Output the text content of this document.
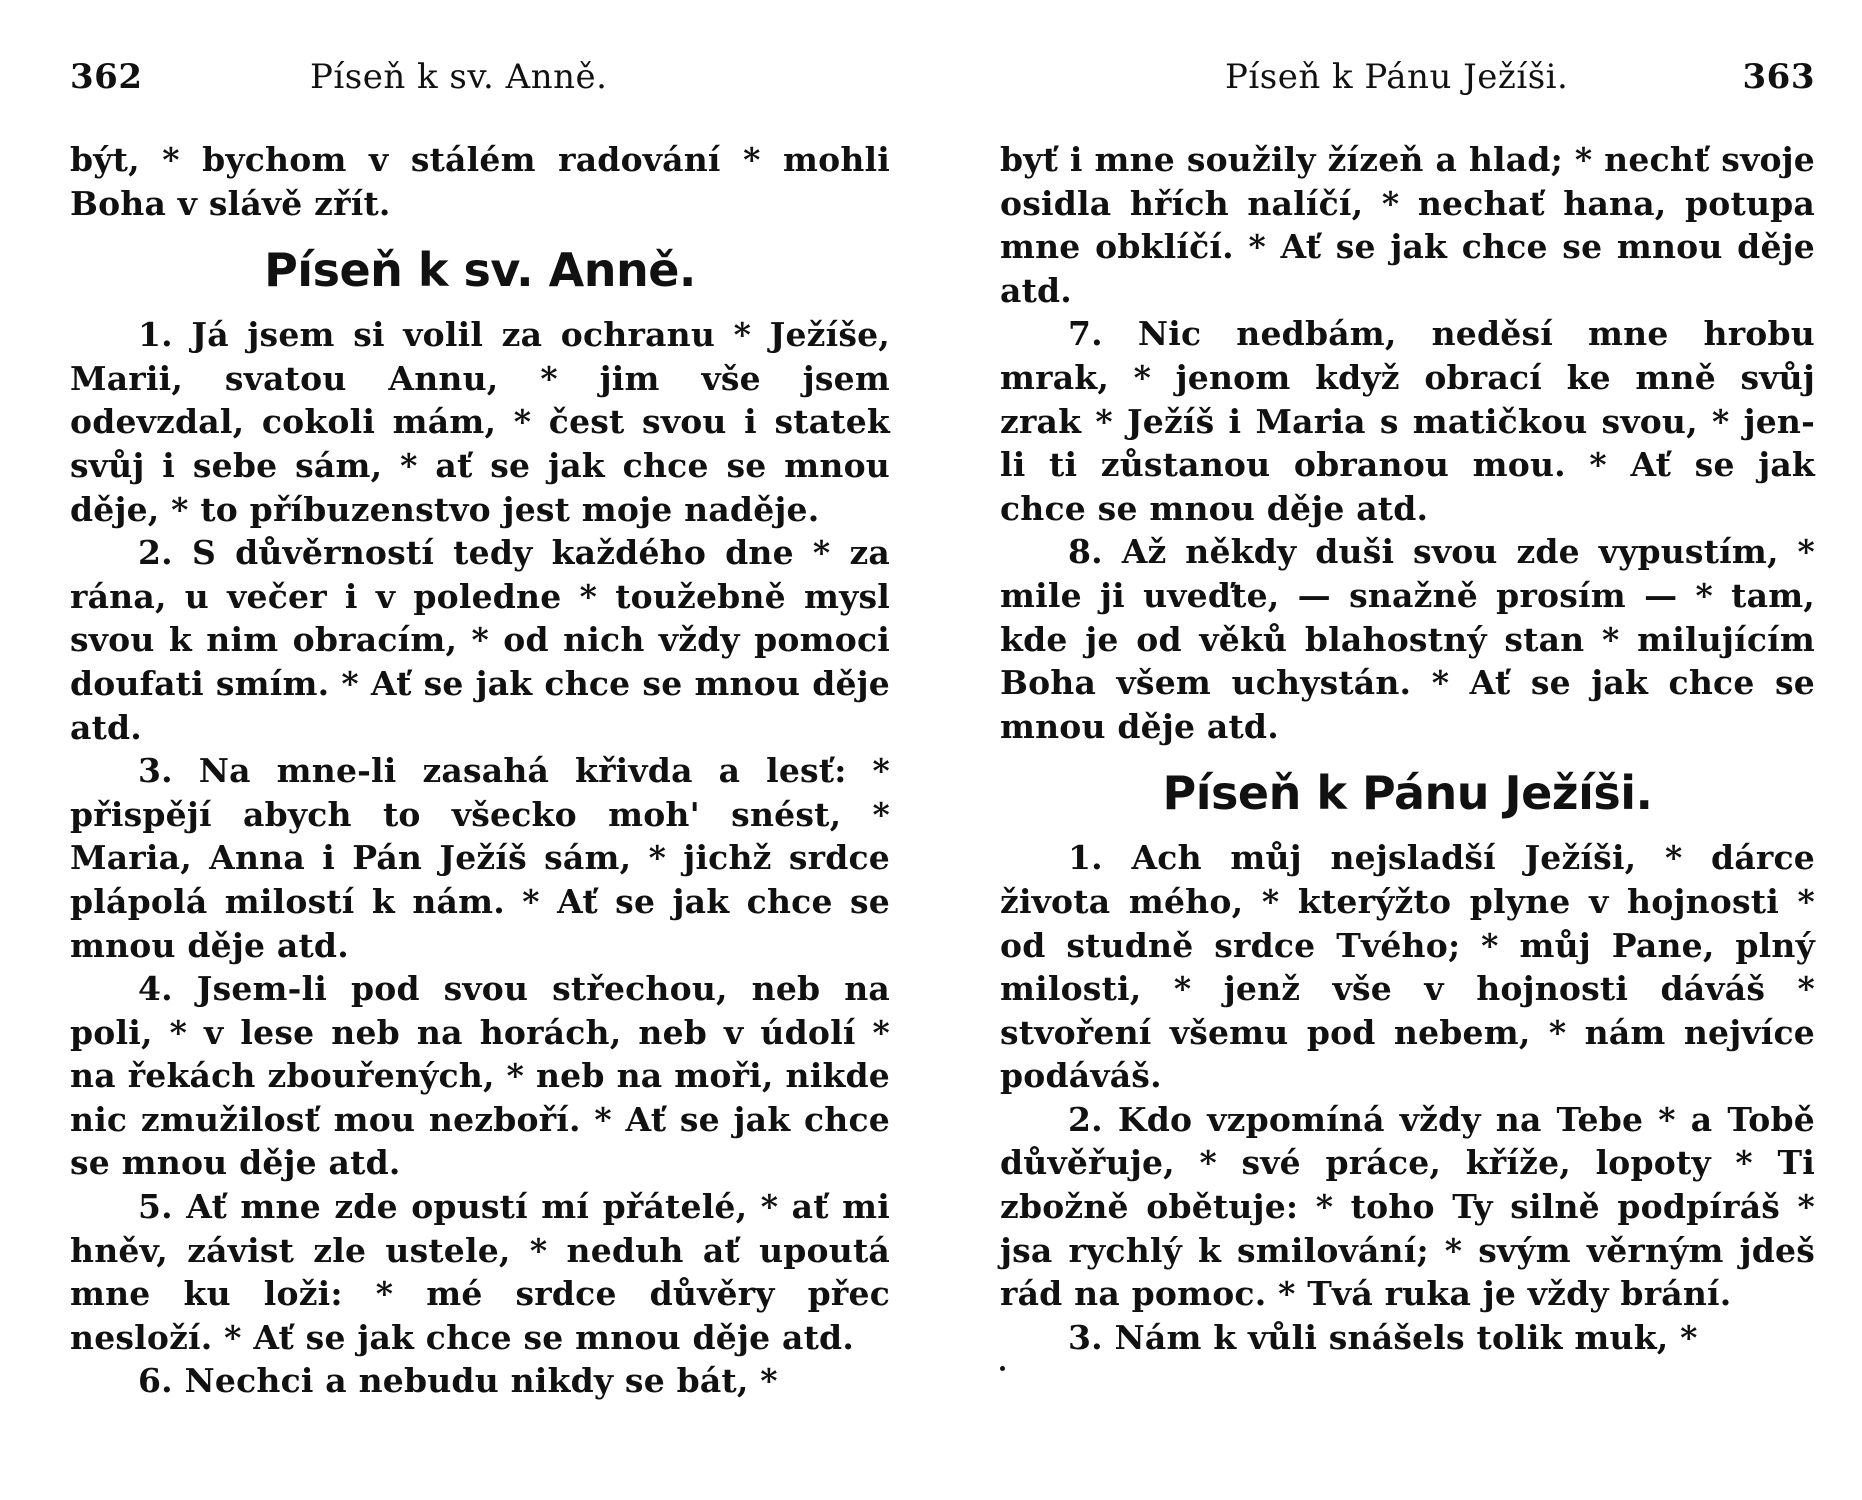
362	Píseň k sv. Anně.

být, * bychom v stálém radování * mohli Boha v slávě zřít.

Píseň k sv. Anně.

1. Já jsem si volil za ochranu * Ježíše, Marii, svatou Annu, * jim vše jsem odevzdal, cokoli mám, * čest svou i statek svůj i sebe sám, * ať se jak chce se mnou děje, * to příbuzenstvo jest moje naděje.

2. S důvěrností tedy každého dne * za rána, u večer i v poledne * toužebně mysl svou k nim obracím, * od nich vždy pomoci doufati smím. * Ať se jak chce se mnou děje atd.

3. Na mne-li zasahá křivda a lesť: * přispějí abych to všecko moh' snést, * Maria, Anna i Pán Ježíš sám, * jichž srdce plápolá milostí k nám. * Ať se jak chce se mnou děje atd.

4. Jsem-li pod svou střechou, neb na poli, * v lese neb na horách, neb v údolí * na řekách zbouřených, * neb na moři, nikde nic zmužilosť mou nezboří. * Ať se jak chce se mnou děje atd.

5. Ať mne zde opustí mí přátelé, * ať mi hněv, závist zle ustele, * neduh ať upoutá mne ku loži: * mé srdce důvěry přec nesloží. * Ať se jak chce se mnou děje atd.

6. Nechci a nebudu nikdy se bát, *

Píseň k Pánu Ježíši.	363

byť i mne soužily žízeň a hlad; * nechť svoje osidla hřích nalíčí, * nechať hana, potupa mne obklíčí. * Ať se jak chce se mnou děje atd.

7. Nic nedbám, neděsí mne hrobu mrak, * jenom když obrací ke mně svůj zrak * Ježíš i Maria s matičkou svou, * jen-li ti zůstanou obranou mou. * Ať se jak chce se mnou děje atd.

8. Až někdy duši svou zde vypustím, * mile ji uveďte, — snažně prosím — * tam, kde je od věků blahostný stan * milujícím Boha všem uchystán. * Ať se jak chce se mnou děje atd.

Píseň k Pánu Ježíši.

1. Ach můj nejsladší Ježíši, * dárce života mého, * kterýžto plyne v hojnosti * od studně srdce Tvého; * můj Pane, plný milosti, * jenž vše v hojnosti dáváš * stvoření všemu pod nebem, * nám nejvíce podáváš.

2. Kdo vzpomíná vždy na Tebe * a Tobě důvěřuje, * své práce, kříže, lopoty * Ti zbožně obětuje: * toho Ty silně podpíráš * jsa rychlý k smilování; * svým věrným jdeš rád na pomoc. * Tvá ruka je vždy brání.

3. Nám k vůli snášels tolik muk, *
